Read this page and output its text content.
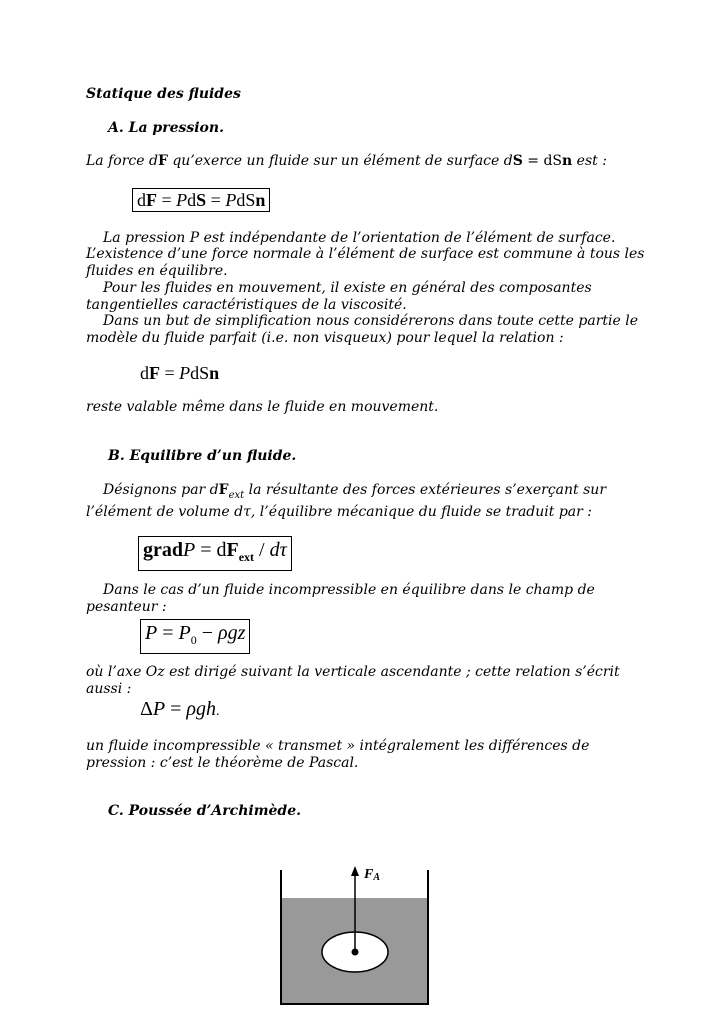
Statique des fluides
A. La pression.

La force dF qu’exerce un fluide sur un élément de surface dS = dSn est :

dF = PdS = PdSn

La pression P est indépendante de l’orientation de l’élément de surface.

L’existence d’une force normale à l’élément de surface est commune à tous les fluides en équilibre.

Pour les fluides en mouvement, il existe en général des composantes tangentielles caractéristiques de la viscosité.

Dans un but de simplification nous considérerons dans toute cette partie le modèle du fluide parfait (i.e. non visqueux) pour lequel la relation :

dF = PdSn

reste valable même dans le fluide en mouvement.

B. Equilibre d’un fluide.

Désignons par $dF_{ext}$ la résultante des forces extérieures s’exerçant sur l’élément de volume dτ, l’équilibre mécanique du fluide se traduit par :

gradP = $dF_{ext}$ / dτ

Dans le cas d’un fluide incompressible en équilibre dans le champ de pesanteur :

$P = P_0 - \rho gz$

où l’axe Oz est dirigé suivant la verticale ascendante ; cette relation s’écrit aussi :

ΔP = ρgh.

un fluide incompressible « transmet » intégralement les différences de pression : c’est le théorème de Pascal.

C. Poussée d’Archimède.
FA
